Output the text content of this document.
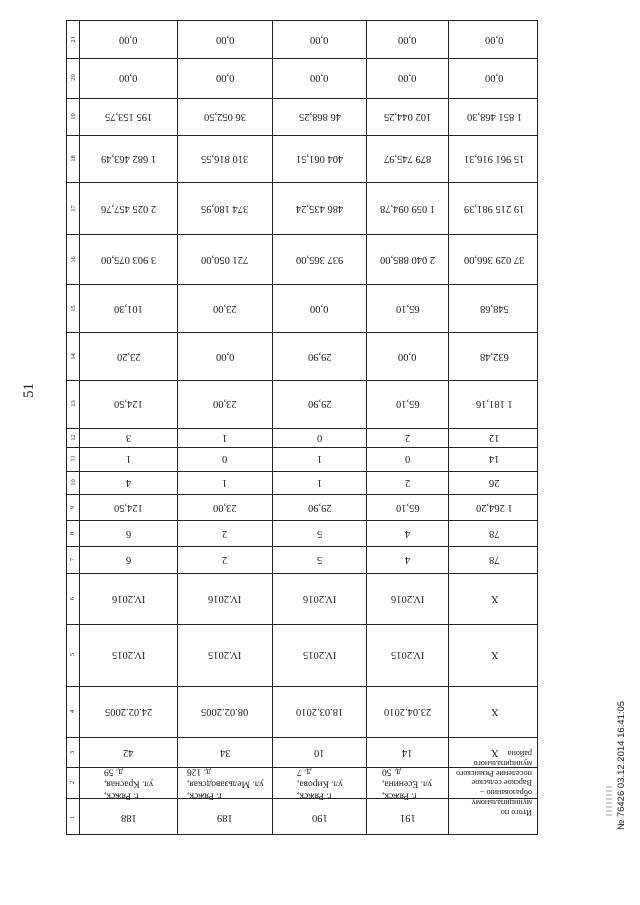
51
№ 76426 03.12.2014 16:41:05
21
20
19
18
17
16
15
14
13
12
11
10
9
8
7
6
5
4
3
2
1
0,00
0,00
195 153,75
1 682 463,49
2 025 457,76
3 903 075,00
101,30
23,20
124,50
3
1
4
124,50
6
6
IV.2016
IV.2015
24.02.2005
42
г. Ряжск,
ул. Красная,
д. 59
188
0,00
0,00
36 052,50
310 816,55
374 180,95
721 050,00
23,00
0,00
23,00
1
0
1
23,00
2
2
IV.2016
IV.2015
08.02.2005
34
г. Ряжск,
ул. Мельзаводская,
д. 126
189
0,00
0,00
46 868,25
404 061,51
486 435,24
937 365,00
0,00
29,90
29,90
0
1
1
29,90
5
5
IV.2016
IV.2015
18.03.2010
10
г. Ряжск,
ул. Кирова,
д. 7
190
0,00
0,00
102 044,25
879 745,97
1 059 094,78
2 040 885,00
65,10
0,00
65,10
2
0
2
65,10
4
4
IV.2016
IV.2015
23.04.2010
14
г. Ряжск,
ул. Есенина,
д. 50
191
0,00
0,00
1 851 468,30
15 961 916,31
19 215 981,39
37 029 366,00
548,68
632,48
1 181,16
12
14
26
1 264,20
78
78
X
X
X
X
Итого по
муниципальному
образованию –
Варское сельское
поселение Рязанского
муниципального
района
